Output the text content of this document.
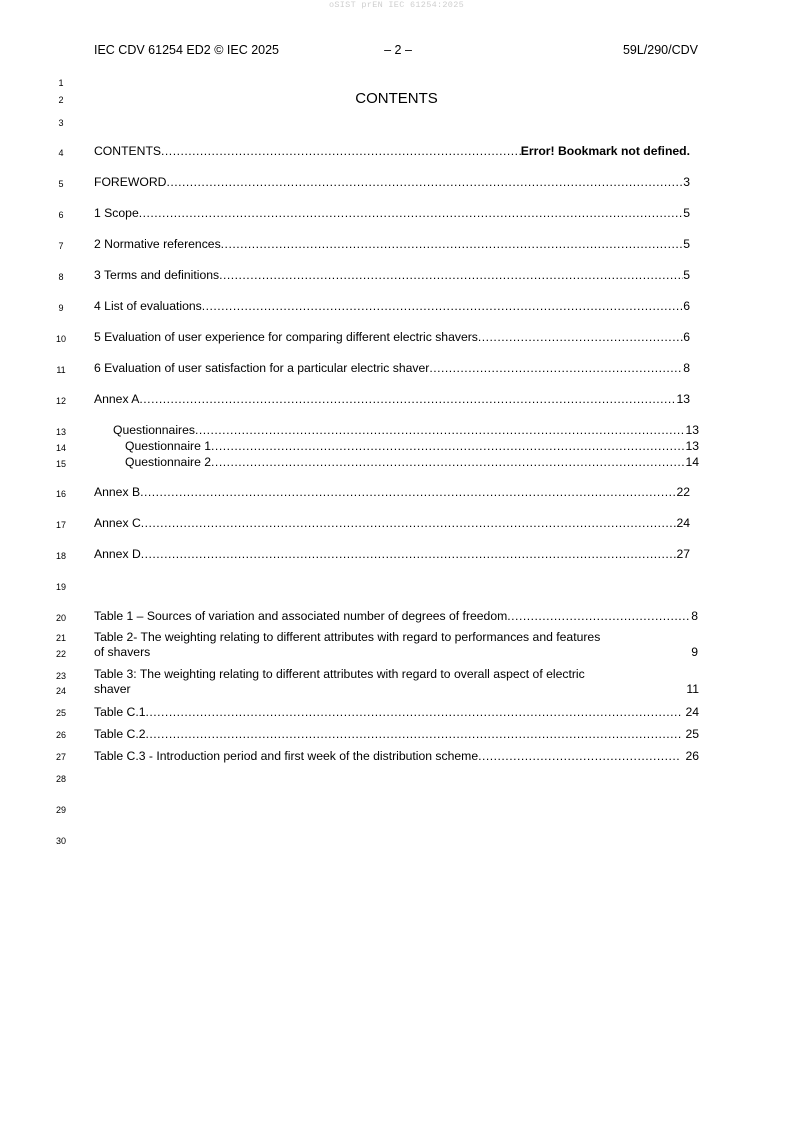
oSIST prEN IEC 61254:2025
IEC CDV 61254 ED2 © IEC 2025	– 2 –	59L/290/CDV
1
2
3
4
5
6
7
8
9
10
11
12
13
14
15
16
17
18
19
20
21
22
23
24
25
26
27
28
29
30
CONTENTS
CONTENTS .....	Error! Bookmark not defined.
FOREWORD .....	3
1 Scope .....	5
2 Normative references .....	5
3 Terms and definitions .....	5
4 List of evaluations .....	6
5 Evaluation of user experience for comparing different electric shavers .....	6
6 Evaluation of user satisfaction for a particular electric shaver .....	8
Annex A .....	13
Questionnaires .....	13
Questionnaire 1 .....	13
Questionnaire 2 .....	14
Annex B .....	22
Annex C .....	24
Annex D .....	27
Table 1 – Sources of variation and associated number of degrees of freedom .....	8
Table 2- The weighting relating to different attributes with regard to performances and features
of shavers	9
Table 3: The weighting relating to different attributes with regard to overall aspect of electric
shaver	11
Table C.1 .....	24
Table C.2 .....	25
Table C.3 - Introduction period and first week of the distribution scheme .....	26
